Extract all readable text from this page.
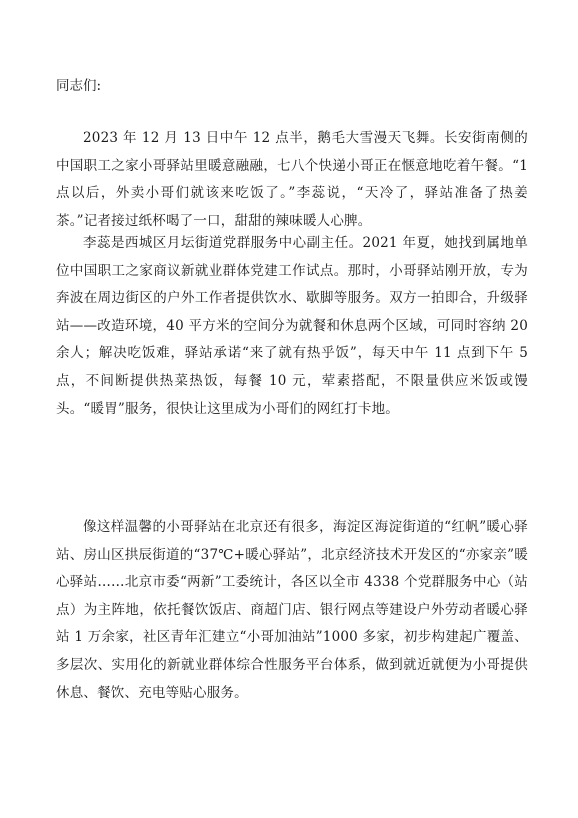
同志们:

2023 年 12 月 13 日中午 12 点半，鹅毛大雪漫天飞舞。长安街南侧的中国职工之家小哥驿站里暖意融融，七八个快递小哥正在惬意地吃着午餐。“1 点以后，外卖小哥们就该来吃饭了。”李蕊说，“天冷了，驿站准备了热姜茶。”记者接过纸杯喝了一口，甜甜的辣味暖人心脾。

李蕊是西城区月坛街道党群服务中心副主任。2021 年夏，她找到属地单位中国职工之家商议新就业群体党建工作试点。那时，小哥驿站刚开放，专为奔波在周边街区的户外工作者提供饮水、歇脚等服务。双方一拍即合，升级驿站——改造环境，40 平方米的空间分为就餐和休息两个区域，可同时容纳 20 余人；解决吃饭难，驿站承诺“来了就有热乎饭”，每天中午 11 点到下午 5 点，不间断提供热菜热饭，每餐 10 元，荤素搭配，不限量供应米饭或馒头。“暖胃”服务，很快让这里成为小哥们的网红打卡地。

像这样温馨的小哥驿站在北京还有很多，海淀区海淀街道的“红帆”暖心驿站、房山区拱辰街道的“37℃+暖心驿站”，北京经济技术开发区的“亦家亲”暖心驿站……北京市委“两新”工委统计，各区以全市 4338 个党群服务中心（站点）为主阵地，依托餐饮饭店、商超门店、银行网点等建设户外劳动者暖心驿站 1 万余家，社区青年汇建立“小哥加油站”1000 多家，初步构建起广覆盖、多层次、实用化的新就业群体综合性服务平台体系，做到就近就便为小哥提供休息、餐饮、充电等贴心服务。
